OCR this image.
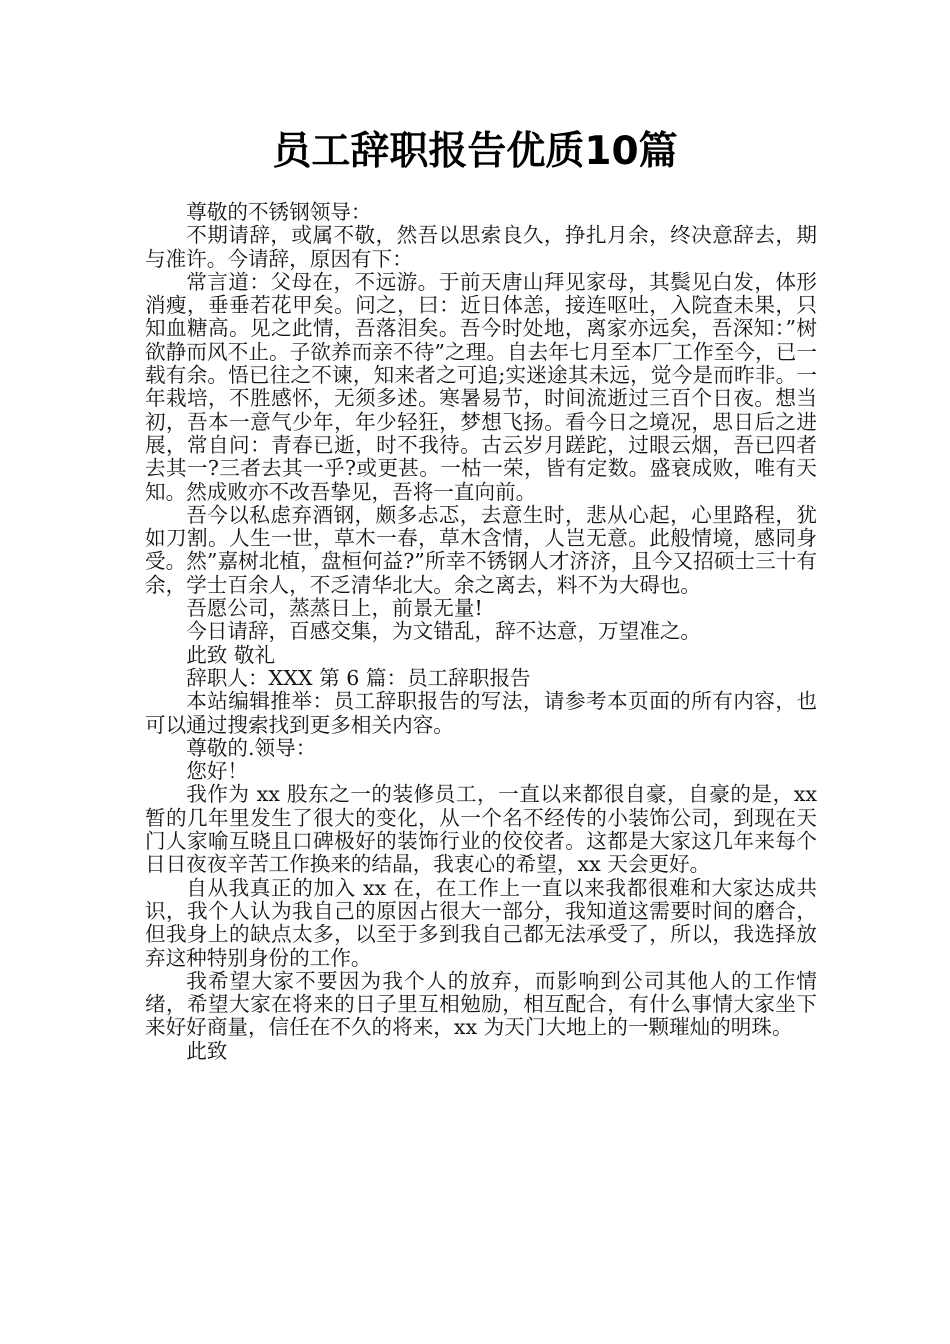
员工辞职报告优质10篇

尊敬的不锈钢领导：

不期请辞，或属不敬，然吾以思索良久，挣扎月余，终决意辞去，期与准许。今请辞，原因有下：

常言道：父母在，不远游。于前天唐山拜见家母，其鬓见白发，体形消瘦，垂垂若花甲矣。问之，曰：近日体恙，接连呕吐，入院查未果，只知血糖高。见之此情，吾落泪矣。吾今时处地，离家亦远矣，吾深知：”树欲静而风不止。子欲养而亲不待”之理。自去年七月至本厂工作至今，已一载有余。悟已往之不谏，知来者之可追;实迷途其未远，觉今是而昨非。一年栽培，不胜感怀，无须多述。寒暑易节，时间流逝过三百个日夜。想当初，吾本一意气少年，年少轻狂，梦想飞扬。看今日之境况，思日后之进展，常自问：青春已逝，时不我待。古云岁月蹉跎，过眼云烟，吾已四者去其一?三者去其一乎?或更甚。一枯一荣，皆有定数。盛衰成败，唯有天知。然成败亦不改吾挚见，吾将一直向前。

吾今以私虑弃酒钢，颇多忐忑，去意生时，悲从心起，心里路程，犹如刀割。人生一世，草木一春，草木含情，人岂无意。此般情境，感同身受。然”嘉树北植，盘桓何益?”所幸不锈钢人才济济，且今又招硕士三十有余，学士百余人，不乏清华北大。余之离去，料不为大碍也。

吾愿公司，蒸蒸日上，前景无量!

今日请辞，百感交集，为文错乱，辞不达意，万望准之。

此致 敬礼

辞职人：XXX 第 6 篇：员工辞职报告

本站编辑推举：员工辞职报告的写法，请参考本页面的所有内容，也可以通过搜索找到更多相关内容。

尊敬的.领导：

您好！

我作为 xx 股东之一的装修员工，一直以来都很自豪，自豪的是，xx 暂的几年里发生了很大的变化，从一个名不经传的小装饰公司，到现在天门人家喻互晓且口碑极好的装饰行业的佼佼者。这都是大家这几年来每个日日夜夜辛苦工作换来的结晶，我衷心的希望，xx 天会更好。

自从我真正的加入 xx 在，在工作上一直以来我都很难和大家达成共识，我个人认为我自己的原因占很大一部分，我知道这需要时间的磨合，但我身上的缺点太多，以至于多到我自己都无法承受了，所以，我选择放弃这种特别身份的工作。

我希望大家不要因为我个人的放弃，而影响到公司其他人的工作情绪，希望大家在将来的日子里互相勉励，相互配合，有什么事情大家坐下来好好商量，信任在不久的将来，xx 为天门大地上的一颗璀灿的明珠。

此致
